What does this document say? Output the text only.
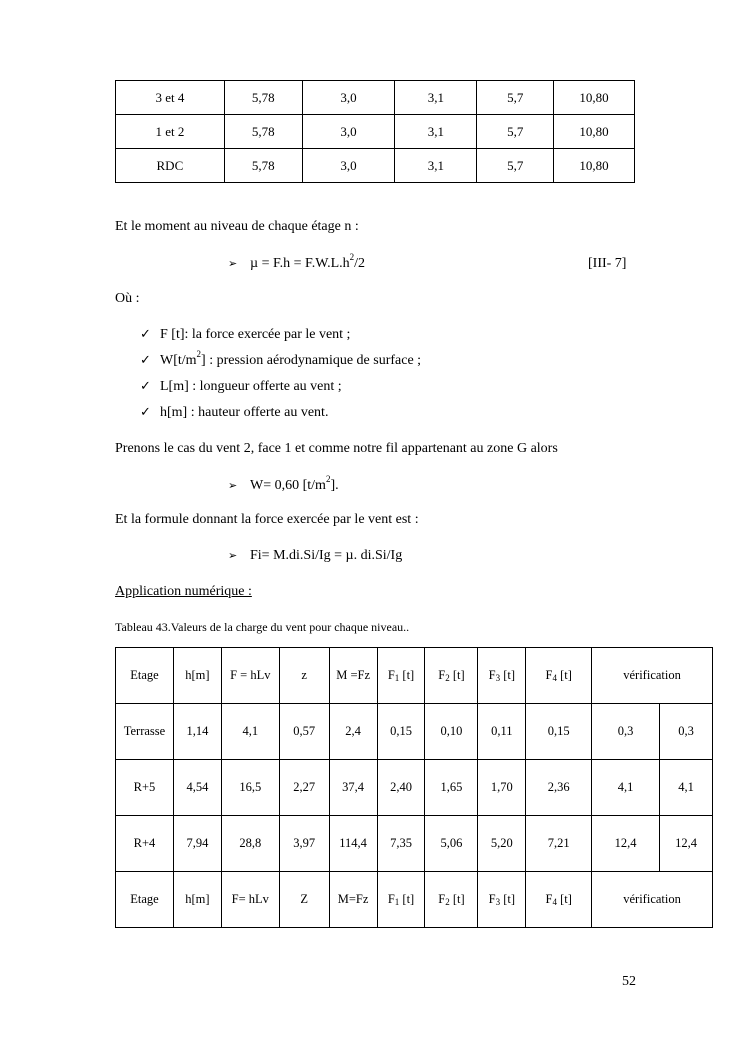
3 et 4	5,78	3,0	3,1	5,7	10,80
1 et 2	5,78	3,0	3,1	5,7	10,80
RDC	5,78	3,0	3,1	5,7	10,80
Et le moment au niveau de chaque étage n :
➢ $\mu = F.h = F.W.L.h^2/2$	[III- 7]
Où :
✓ F [t]: la force exercée par le vent ;
✓ $W[t/m^2]$ : pression aérodynamique de surface ;
✓ L[m] : longueur offerte au vent ;
✓ h[m] : hauteur offerte au vent.
Prenons le cas du vent 2, face 1 et comme notre fil appartenant au zone G alors
➢ W= 0,60 $[t/m^2]$.
Et la formule donnant la force exercée par le vent est :
➢ Fi= M.di.Si/Ig = µ. di.Si/Ig
Application numérique :
Tableau 43.Valeurs de la charge du vent pour chaque niveau..
Etage	h[m]	F = hLv	z	M =Fz	F1 [t]	F2 [t]	F3 [t]	F4 [t]	vérification	
Terrasse	1,14	4,1	0,57	2,4	0,15	0,10	0,11	0,15	0,3	0,3
R+5	4,54	16,5	2,27	37,4	2,40	1,65	1,70	2,36	4,1	4,1
R+4	7,94	28,8	3,97	114,4	7,35	5,06	5,20	7,21	12,4	12,4
Etage	h[m]	F= hLv	Z	M=Fz	F1 [t]	F2 [t]	F3 [t]	F4 [t]	vérification	
52
